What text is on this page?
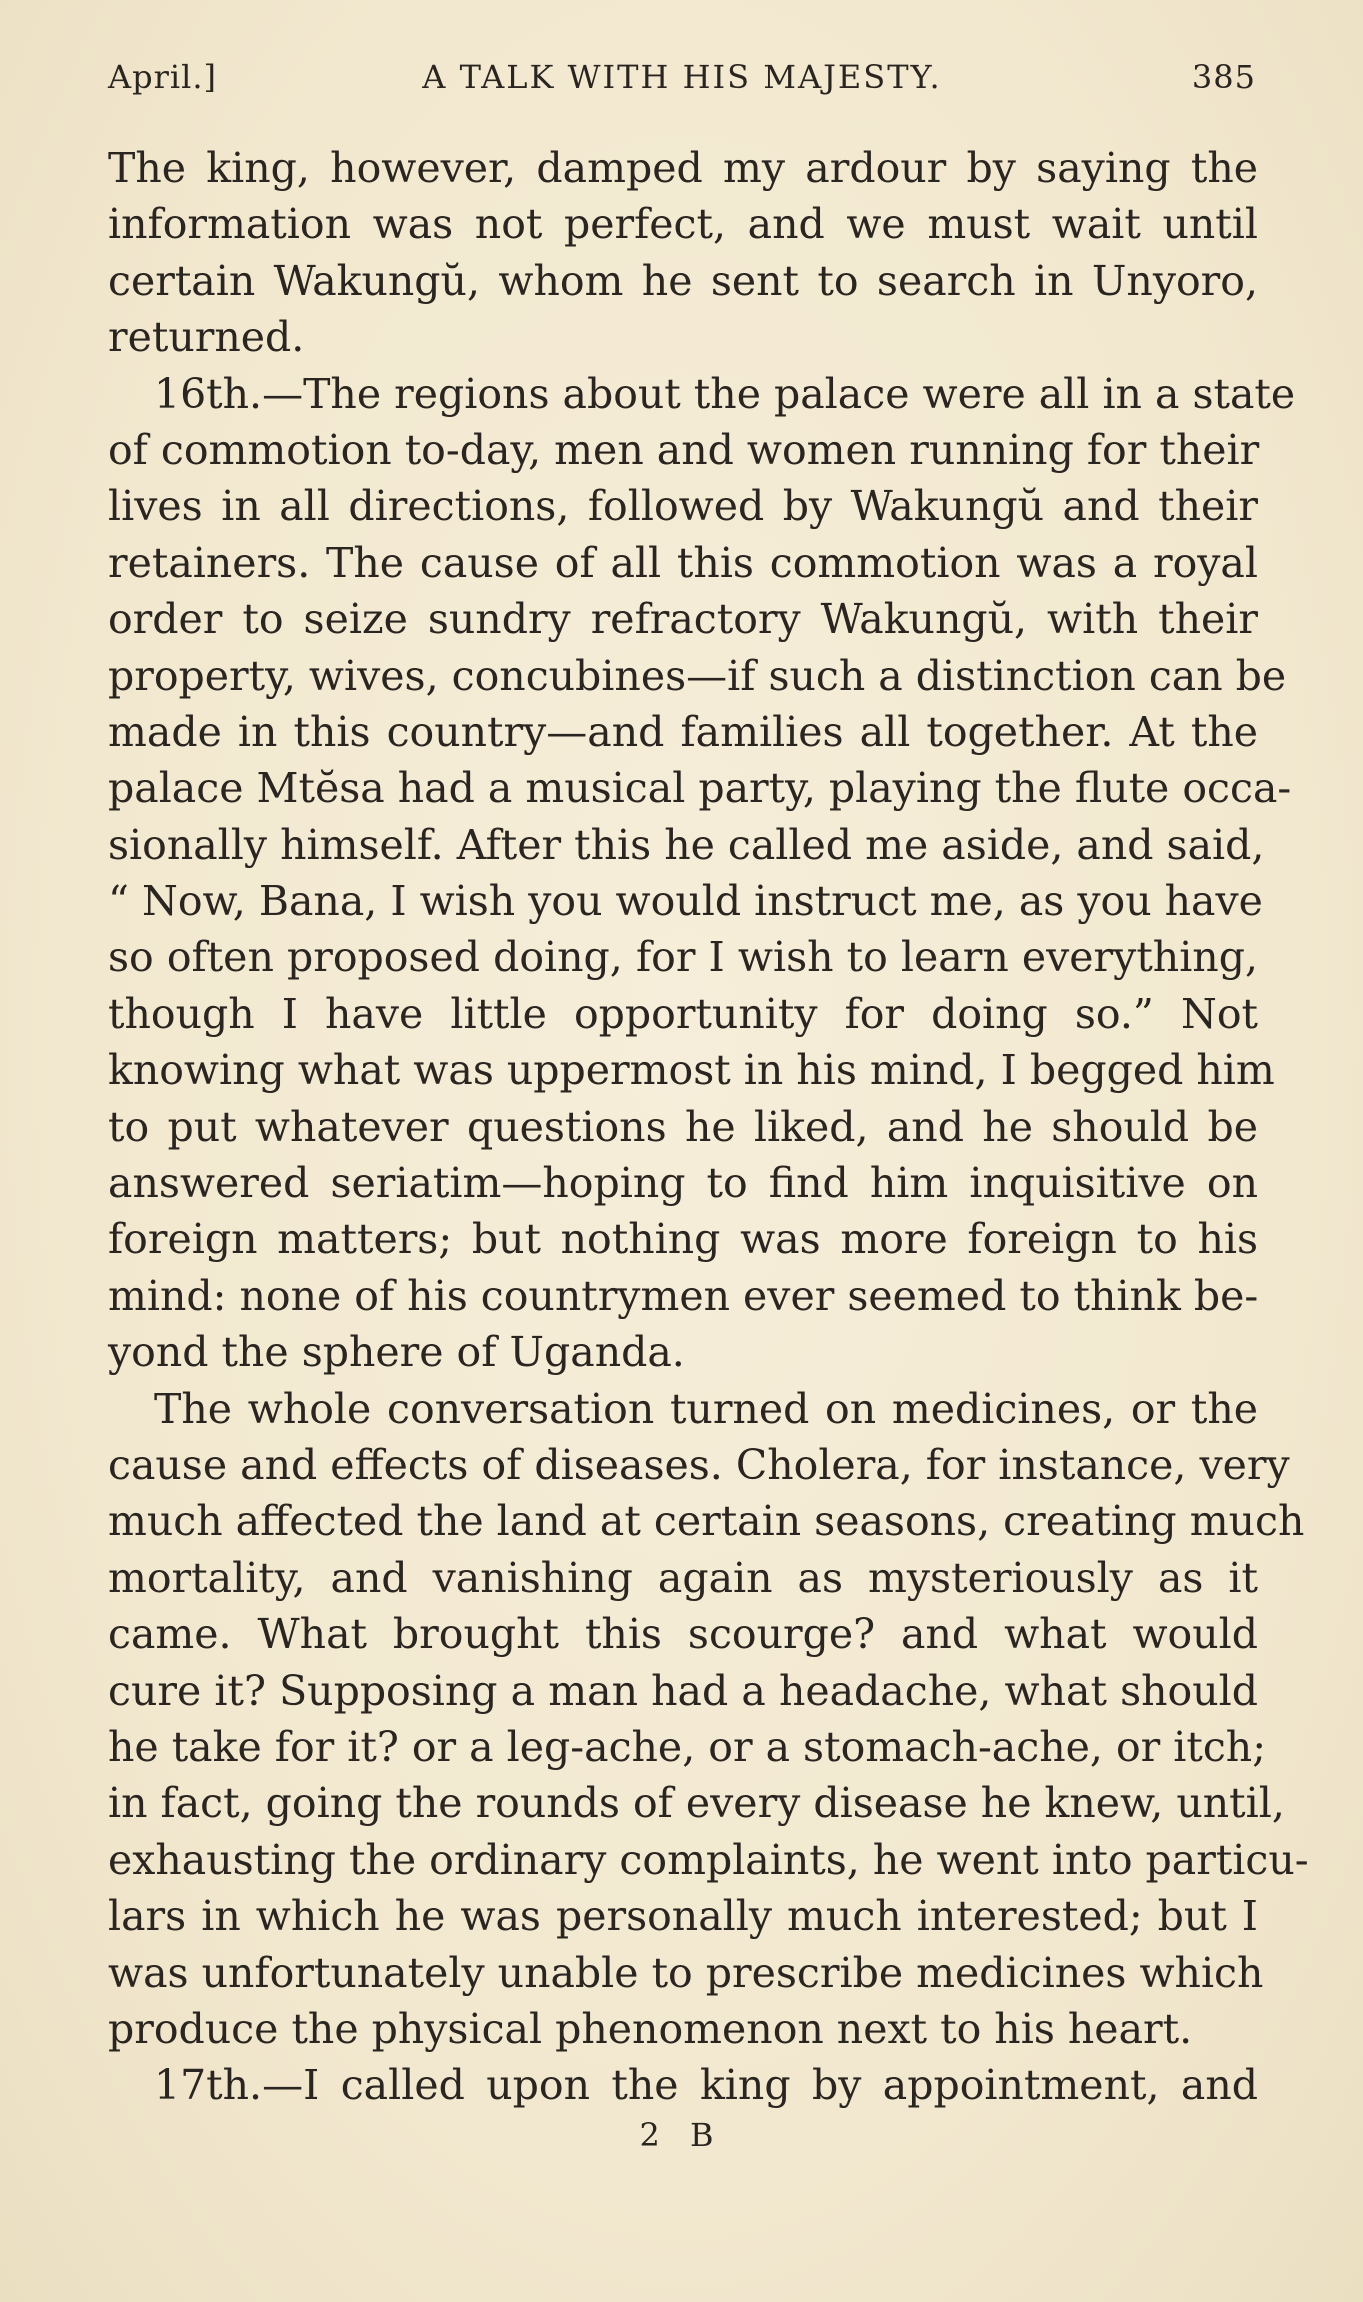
April.]	A TALK WITH HIS MAJESTY.	385
The king, however, damped my ardour by saying the
information was not perfect, and we must wait until
certain Wakungŭ, whom he sent to search in Unyoro,
returned.
16th.—The regions about the palace were all in a state
of commotion to-day, men and women running for their
lives in all directions, followed by Wakungŭ and their
retainers. The cause of all this commotion was a royal
order to seize sundry refractory Wakungŭ, with their
property, wives, concubines—if such a distinction can be
made in this country—and families all together. At the
palace Mtĕsa had a musical party, playing the flute occa-
sionally himself. After this he called me aside, and said,
“ Now, Bana, I wish you would instruct me, as you have
so often proposed doing, for I wish to learn everything,
though I have little opportunity for doing so.” Not
knowing what was uppermost in his mind, I begged him
to put whatever questions he liked, and he should be
answered seriatim—hoping to find him inquisitive on
foreign matters; but nothing was more foreign to his
mind: none of his countrymen ever seemed to think be-
yond the sphere of Uganda.
The whole conversation turned on medicines, or the
cause and effects of diseases. Cholera, for instance, very
much affected the land at certain seasons, creating much
mortality, and vanishing again as mysteriously as it
came. What brought this scourge? and what would
cure it? Supposing a man had a headache, what should
he take for it? or a leg-ache, or a stomach-ache, or itch;
in fact, going the rounds of every disease he knew, until,
exhausting the ordinary complaints, he went into particu-
lars in which he was personally much interested; but I
was unfortunately unable to prescribe medicines which
produce the physical phenomenon next to his heart.
17th.—I called upon the king by appointment, and
2 B
